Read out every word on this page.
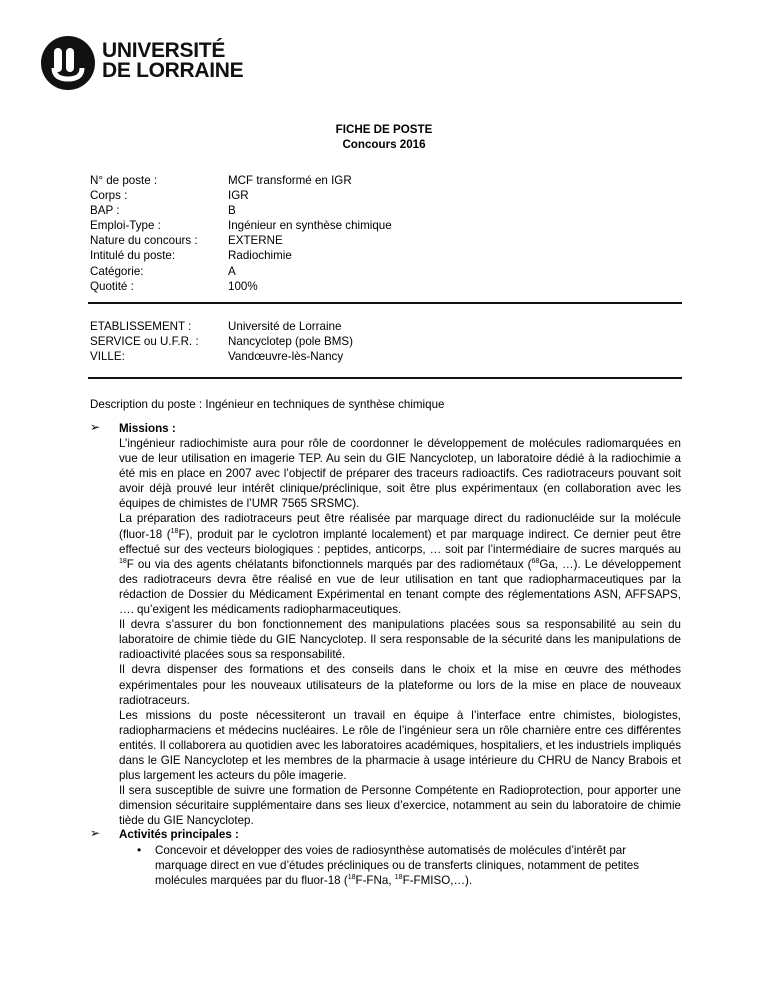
UNIVERSITÉ
DE LORRAINE
FICHE DE POSTE
Concours 2016
N° de poste :	MCF transformé en IGR
Corps :	IGR
BAP :	B
Emploi-Type :	Ingénieur en synthèse chimique
Nature du concours :	EXTERNE
Intitulé du poste:	Radiochimie
Catégorie:	A
Quotité :	100%
ETABLISSEMENT :	Université de Lorraine
SERVICE ou U.F.R. :	Nancyclotep (pole BMS)
VILLE:	Vandœuvre-lès-Nancy
Description du poste : Ingénieur en techniques de synthèse chimique
➢ Missions :

L’ingénieur radiochimiste aura pour rôle de coordonner le développement de molécules radiomarquées en vue de leur utilisation en imagerie TEP. Au sein du GIE Nancyclotep, un laboratoire dédié à la radiochimie a été mis en place en 2007 avec l’objectif de préparer des traceurs radioactifs. Ces radiotraceurs pouvant soit avoir déjà prouvé leur intérêt clinique/préclinique, soit être plus expérimentaux (en collaboration avec les équipes de chimistes de l’UMR 7565 SRSMC).
La préparation des radiotraceurs peut être réalisée par marquage direct du radionucléide sur la molécule (fluor-18 ($^{18}$F), produit par le cyclotron implanté localement) et par marquage indirect. Ce dernier peut être effectué sur des vecteurs biologiques : peptides, anticorps, … soit par l’intermédiaire de sucres marqués au $^{18}$F ou via des agents chélatants bifonctionnels marqués par des radiométaux ($^{68}$Ga, …). Le développement des radiotraceurs devra être réalisé en vue de leur utilisation en tant que radiopharmaceutiques par la rédaction de Dossier du Médicament Expérimental en tenant compte des réglementations ASN, AFFSAPS, …. qu’exigent les médicaments radiopharmaceutiques.
Il devra s’assurer du bon fonctionnement des manipulations placées sous sa responsabilité au sein du laboratoire de chimie tiède du GIE Nancyclotep. Il sera responsable de la sécurité dans les manipulations de radioactivité placées sous sa responsabilité.
Il devra dispenser des formations et des conseils dans le choix et la mise en œuvre des méthodes expérimentales pour les nouveaux utilisateurs de la plateforme ou lors de la mise en place de nouveaux radiotraceurs.
Les missions du poste nécessiteront un travail en équipe à l’interface entre chimistes, biologistes, radiopharmaciens et médecins nucléaires. Le rôle de l’ingénieur sera un rôle charnière entre ces différentes entités. Il collaborera au quotidien avec les laboratoires académiques, hospitaliers, et les industriels impliqués dans le GIE Nancyclotep et les membres de la pharmacie à usage intérieure du CHRU de Nancy Brabois et plus largement les acteurs du pôle imagerie.
Il sera susceptible de suivre une formation de Personne Compétente en Radioprotection, pour apporter une dimension sécuritaire supplémentaire dans ses lieux d’exercice, notamment au sein du laboratoire de chimie tiède du GIE Nancyclotep.

➢ Activités principales :
• Concevoir et développer des voies de radiosynthèse automatisés de molécules d’intérêt par marquage direct en vue d’études précliniques ou de transferts cliniques, notamment de petites molécules marquées par du fluor-18 ($^{18}$F-FNa, $^{18}$F-FMISO,…).
